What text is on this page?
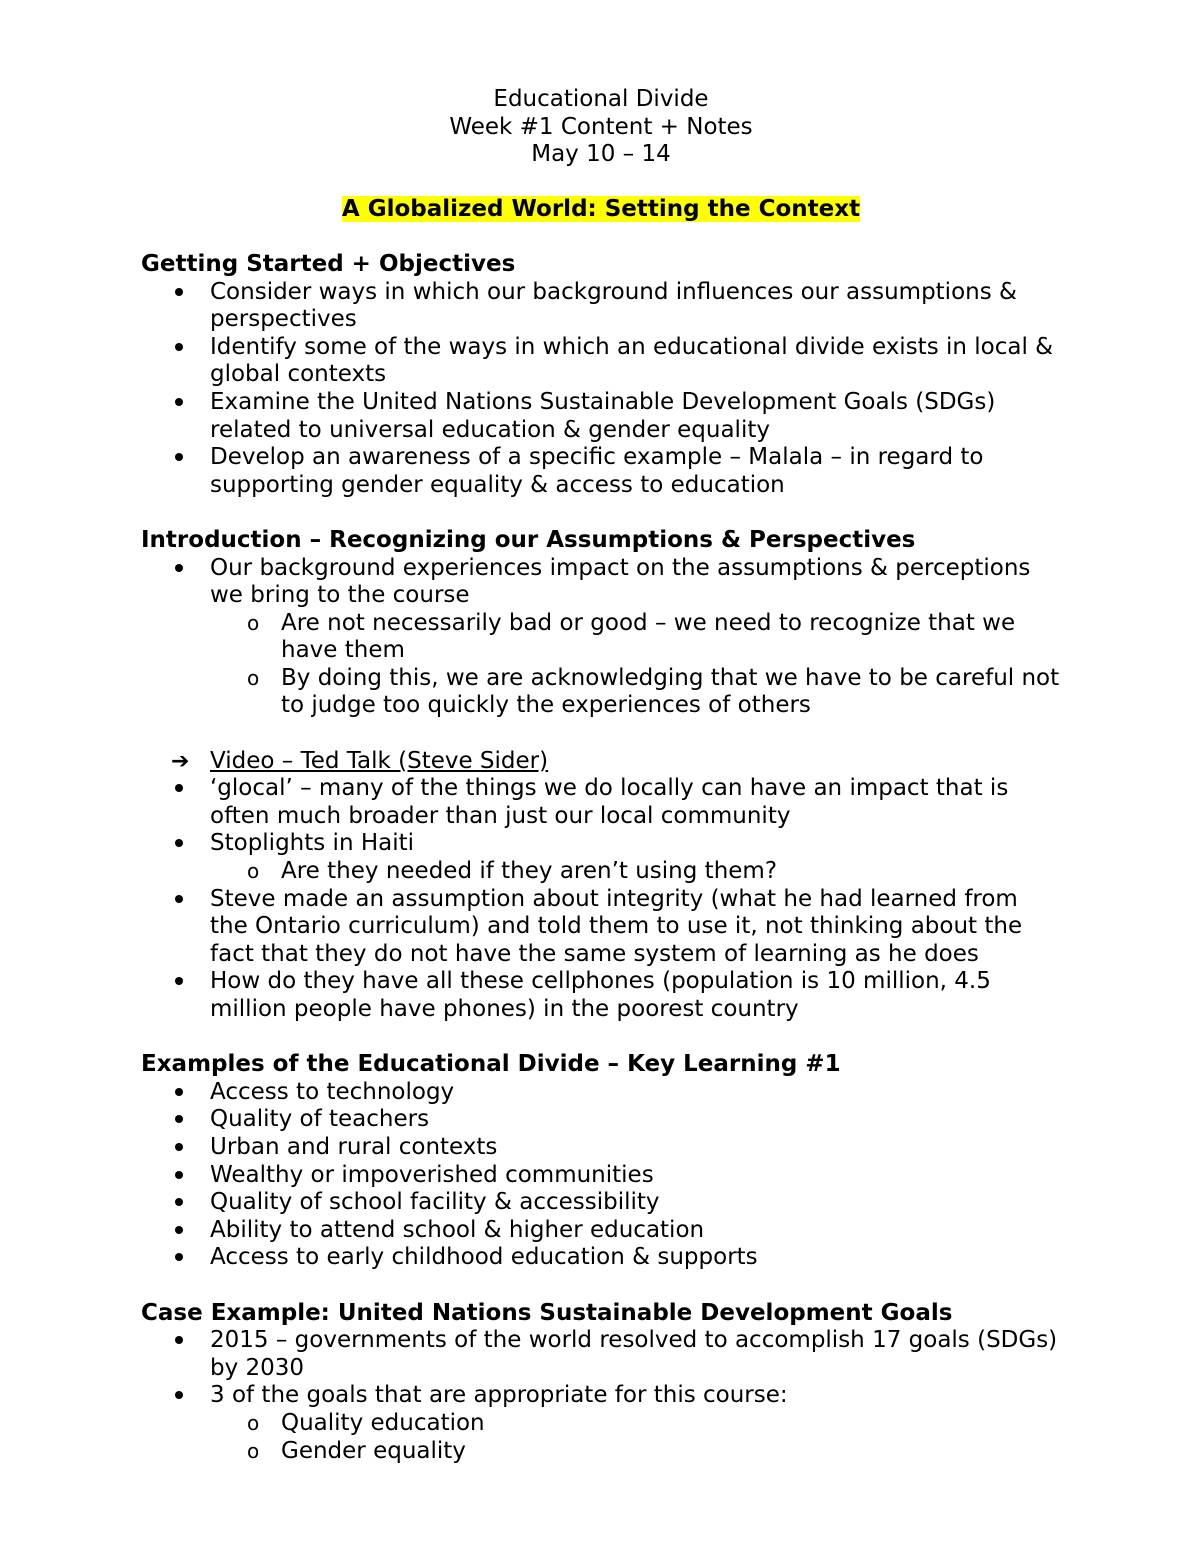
Educational Divide

Week #1 Content + Notes

May 10 – 14

A Globalized World: Setting the Context

Getting Started + Objectives

Consider ways in which our background influences our assumptions & perspectives
Identify some of the ways in which an educational divide exists in local & global contexts
Examine the United Nations Sustainable Development Goals (SDGs) related to universal education & gender equality
Develop an awareness of a specific example – Malala – in regard to supporting gender equality & access to education

Introduction – Recognizing our Assumptions & Perspectives

Our background experiences impact on the assumptions & perceptions we bring to the course
o Are not necessarily bad or good – we need to recognize that we have them
o By doing this, we are acknowledging that we have to be careful not to judge too quickly the experiences of others
➔ Video – Ted Talk (Steve Sider)
‘glocal’ – many of the things we do locally can have an impact that is often much broader than just our local community
Stoplights in Haiti
o Are they needed if they aren’t using them?
Steve made an assumption about integrity (what he had learned from the Ontario curriculum) and told them to use it, not thinking about the fact that they do not have the same system of learning as he does
How do they have all these cellphones (population is 10 million, 4.5 million people have phones) in the poorest country

Examples of the Educational Divide – Key Learning #1

Access to technology
Quality of teachers
Urban and rural contexts
Wealthy or impoverished communities
Quality of school facility & accessibility
Ability to attend school & higher education
Access to early childhood education & supports

Case Example: United Nations Sustainable Development Goals

2015 – governments of the world resolved to accomplish 17 goals (SDGs) by 2030
3 of the goals that are appropriate for this course:
o Quality education
o Gender equality
